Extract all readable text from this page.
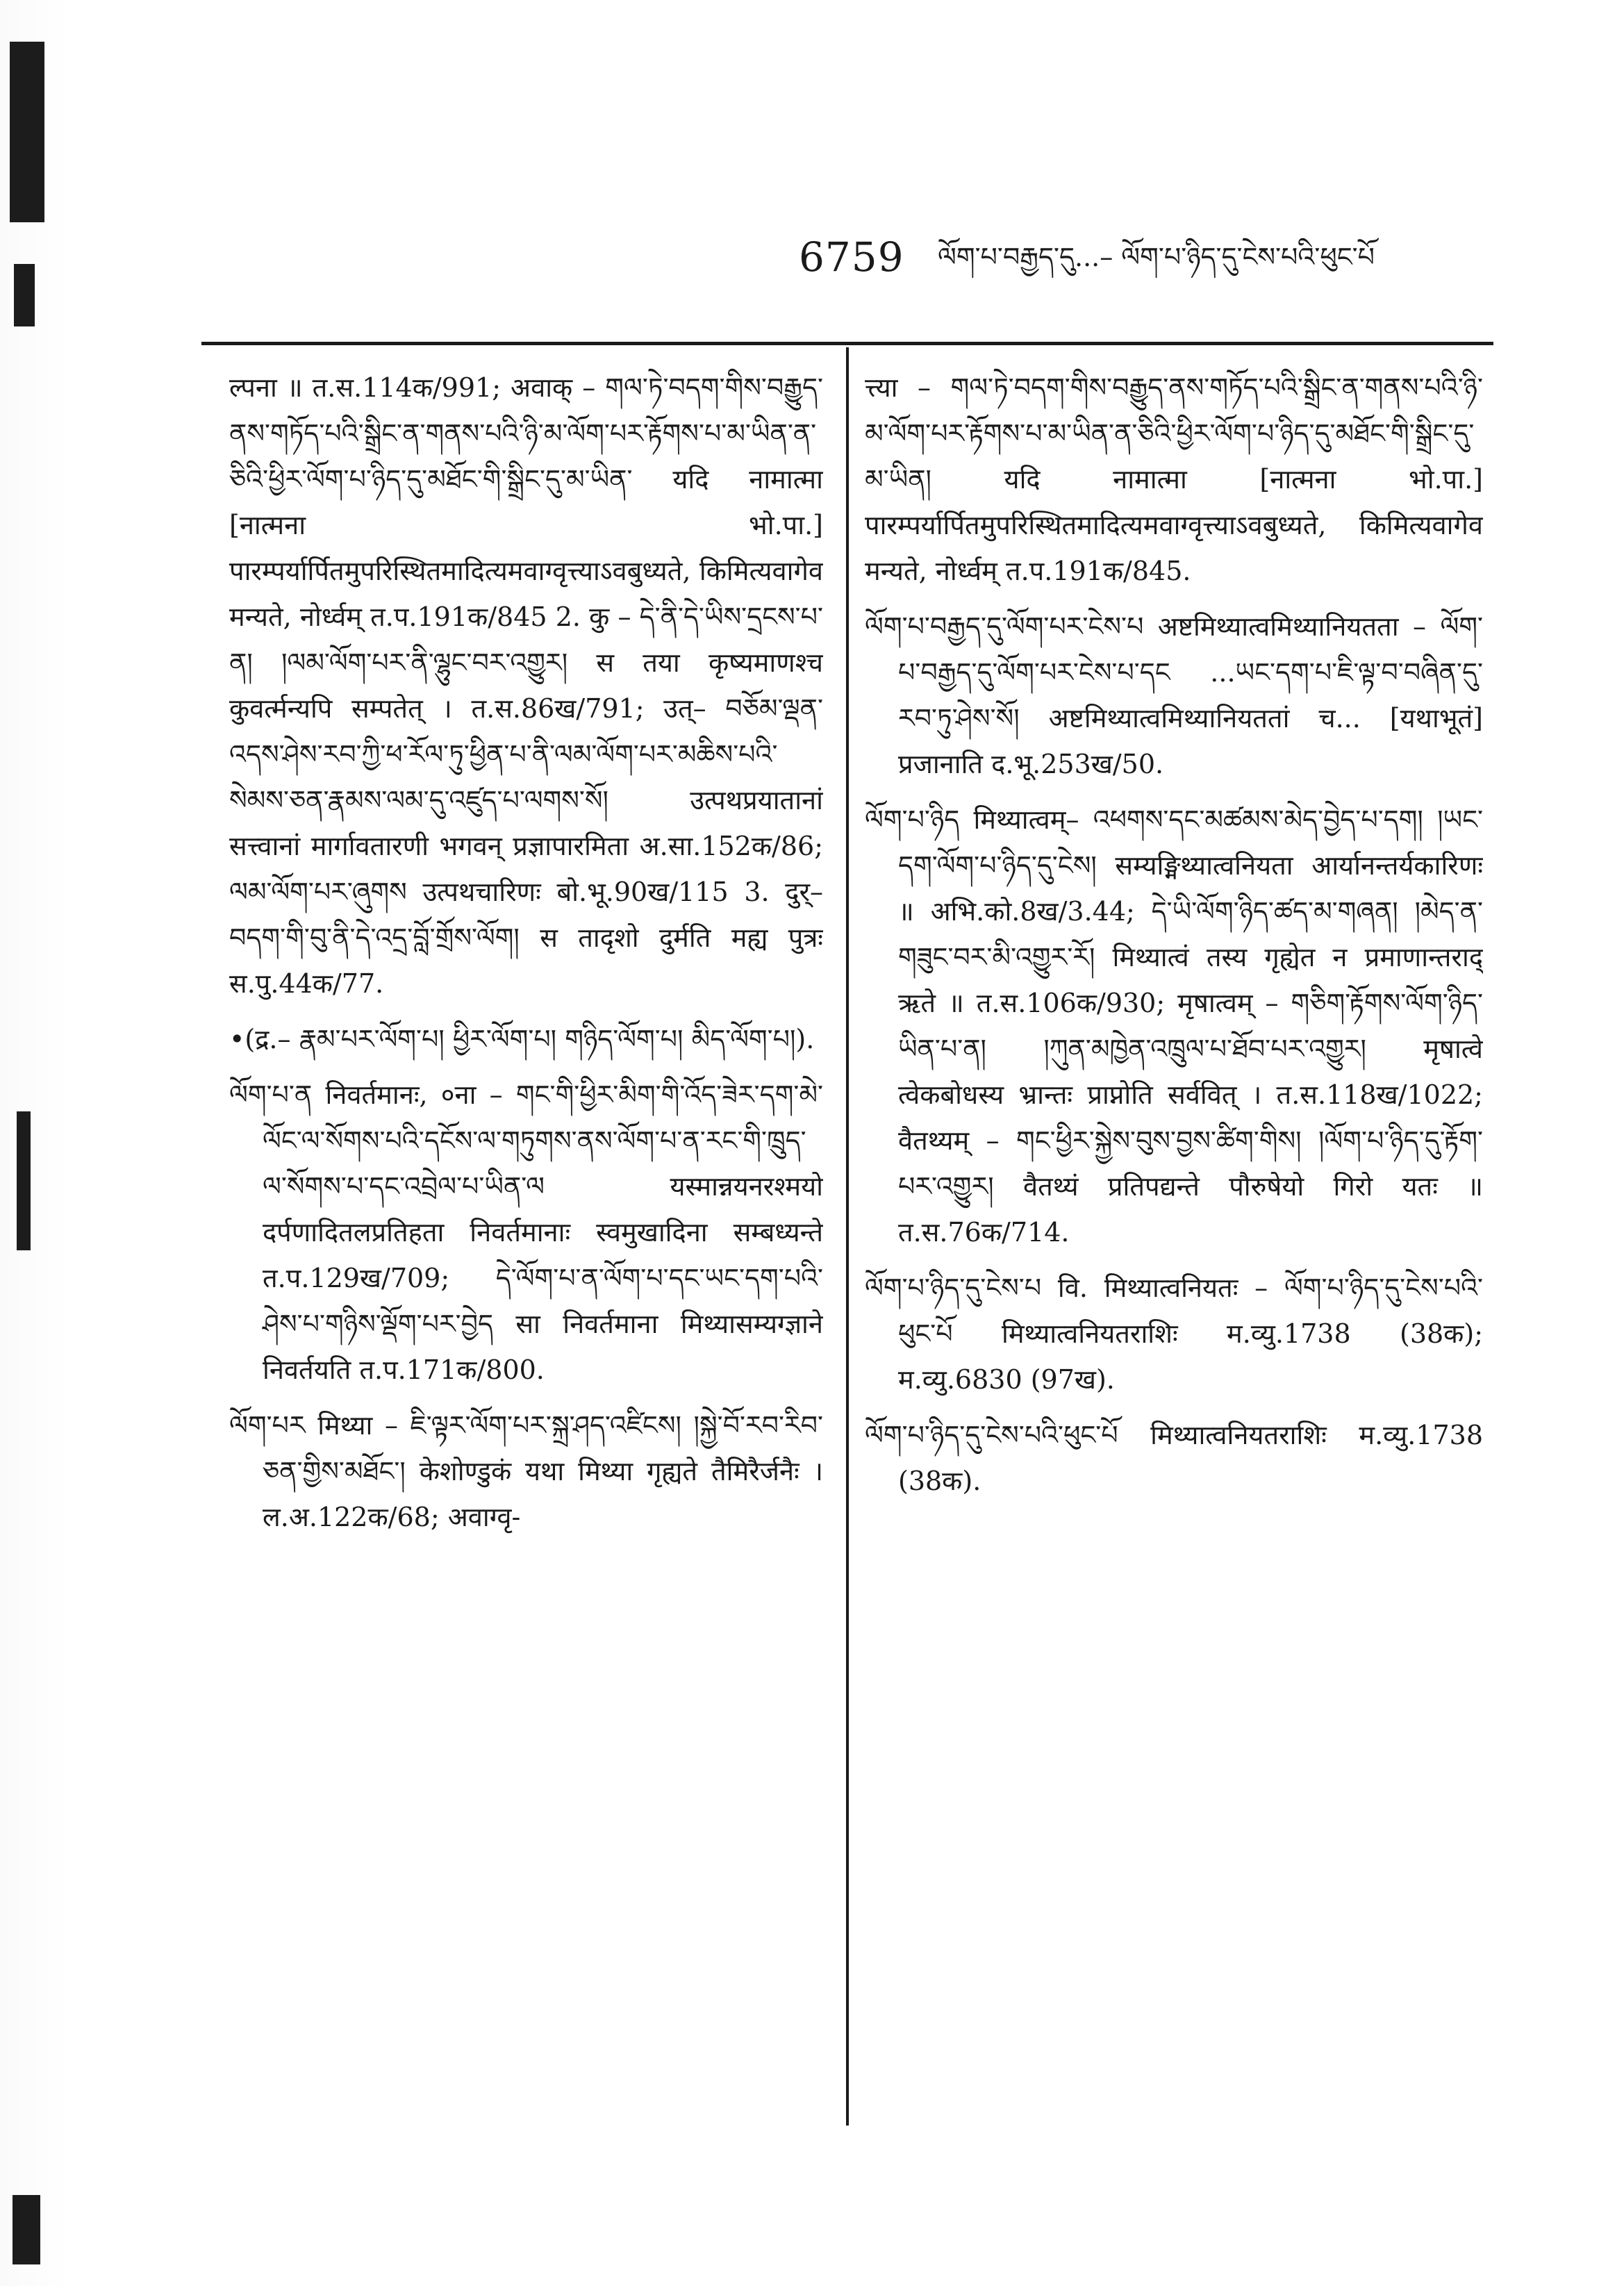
6759 ལོག་པ་བརྒྱད་དུ...– ལོག་པ་ཉིད་དུ་ངེས་པའི་ཕུང་པོ

ल्पना ॥ त.स.114क/991; अवाक् – གལ་ཏེ་བདག་གིས་བརྒྱུད་ནས་གཏོད་པའི་སྒྲིང་ན་གནས་པའི་ཉི་མ་ལོག་པར་རྟོགས་པ་མ་ཡིན་ན་ཅིའི་ཕྱིར་ལོག་པ་ཉིད་དུ་མཐོང་གི་སྒྲིང་དུ་མ་ཡིན་ यदि नामात्मा [नात्मना भो.पा.] पारम्पर्यार्पितमुपरिस्थितमादित्यमवाग्वृत्त्याऽवबुध्यते, किमित्यवागेव मन्यते, नोर्ध्वम् त.प.191क/845 2. कु – དེ་ནི་དེ་ཡིས་དྲངས་པ་ན། །ལམ་ལོག་པར་ནི་ལྷུང་བར་འགྱུར། स तया कृष्यमाणश्च कुवर्त्मन्यपि सम्पतेत् । त.स.86ख/791; उत्– བཅོམ་ལྡན་འདས་ཤེས་རབ་ཀྱི་ཕ་རོལ་ཏུ་ཕྱིན་པ་ནི་ལམ་ལོག་པར་མཆིས་པའི་སེམས་ཅན་རྣམས་ལམ་དུ་འཛུད་པ་ལགས་སོ། उत्पथप्रयातानां सत्त्वानां मार्गावतारणी भगवन् प्रज्ञापारमिता अ.सा.152क/86; ལམ་ལོག་པར་ཞུགས उत्पथचारिणः बो.भू.90ख/115 3. दुर्– བདག་གི་བུ་ནི་དེ་འདྲ་བློ་གྲོས་ལོག། स तादृशो दुर्मति मह्य पुत्रः स.पु.44क/77.

•(द्र.– རྣམ་པར་ལོག་པ། ཕྱིར་ལོག་པ། གཉིད་ལོག་པ། མིད་ལོག་པ།).

ལོག་པ་ན निवर्तमानः, ०ना – གང་གི་ཕྱིར་མིག་གི་འོད་ཟེར་དག་མེ་ལོང་ལ་སོགས་པའི་དངོས་ལ་གཏུགས་ནས་ལོག་པ་ན་རང་གི་ཁྲུད་ལ་སོགས་པ་དང་འབྲེལ་པ་ཡིན་ལ यस्मान्नयनरश्मयो दर्पणादितलप्रतिहता निवर्तमानाः स्वमुखादिना सम्बध्यन्ते त.प.129ख/709; དེ་ལོག་པ་ན་ལོག་པ་དང་ཡང་དག་པའི་ཤེས་པ་གཉིས་ལྡོག་པར་བྱེད सा निवर्तमाना मिथ्यासम्यग्ज्ञाने निवर्तयति त.प.171क/800.

ལོག་པར मिथ्या – ཇི་ལྟར་ལོག་པར་སྐྲ་ཤད་འཛིངས། །སྐྱེ་བོ་རབ་རིབ་ཅན་གྱིས་མཐོང་། केशोण्डुकं यथा मिथ्या गृह्यते तैमिरैर्जनैः । ल.अ.122क/68; अवाग्वृ-

त्त्या – གལ་ཏེ་བདག་གིས་བརྒྱུད་ནས་གཏོད་པའི་སྒྲིང་ན་གནས་པའི་ཉི་མ་ལོག་པར་རྟོགས་པ་མ་ཡིན་ན་ཅིའི་ཕྱིར་ལོག་པ་ཉིད་དུ་མཐོང་གི་སྒྲིང་དུ་མ་ཡིན། यदि नामात्मा [नात्मना भो.पा.] पारम्पर्यार्पितमुपरिस्थितमादित्यमवाग्वृत्त्याऽवबुध्यते, किमित्यवागेव मन्यते, नोर्ध्वम् त.प.191क/845.

ལོག་པ་བརྒྱད་དུ་ལོག་པར་ངེས་པ अष्टमिथ्यात्वमिथ्यानियतता – ལོག་པ་བརྒྱད་དུ་ལོག་པར་ངེས་པ་དང ...ཡང་དག་པ་ཇི་ལྟ་བ་བཞིན་དུ་རབ་ཏུ་ཤེས་སོ། अष्टमिथ्यात्वमिथ्यानियततां च... [यथाभूतं] प्रजानाति द.भू.253ख/50.

ལོག་པ་ཉིད मिथ्यात्वम्– འཕགས་དང་མཚམས་མེད་བྱེད་པ་དག། །ཡང་དག་ལོག་པ་ཉིད་དུ་ངེས། सम्यङ्मिथ्यात्वनियता आर्यानन्तर्यकारिणः ॥ अभि.को.8ख/3.44; དེ་ཡི་ལོག་ཉིད་ཚད་མ་གཞན། །མེད་ན་གཟུང་བར་མི་འགྱུར་རོ། मिथ्यात्वं तस्य गृह्येत न प्रमाणान्तराद् ऋते ॥ त.स.106क/930; मृषात्वम् – གཅིག་རྟོགས་ལོག་ཉིད་ཡིན་པ་ན། །ཀུན་མཁྱེན་འཁྲུལ་པ་ཐོབ་པར་འགྱུར། मृषात्वे त्वेकबोधस्य भ्रान्तः प्राप्नोति सर्ववित् । त.स.118ख/1022; वैतथ्यम् – གང་ཕྱིར་སྐྱེས་བུས་བྱས་ཚིག་གིས། །ལོག་པ་ཉིད་དུ་རྟོག་པར་འགྱུར། वैतथ्यं प्रतिपद्यन्ते पौरुषेयो गिरो यतः ॥ त.स.76क/714.

ལོག་པ་ཉིད་དུ་ངེས་པ वि. मिथ्यात्वनियतः – ལོག་པ་ཉིད་དུ་ངེས་པའི་ཕུང་པོ मिथ्यात्वनियतराशिः म.व्यु.1738 (38क); म.व्यु.6830 (97ख).

ལོག་པ་ཉིད་དུ་ངེས་པའི་ཕུང་པོ मिथ्यात्वनियतराशिः म.व्यु.1738 (38क).
